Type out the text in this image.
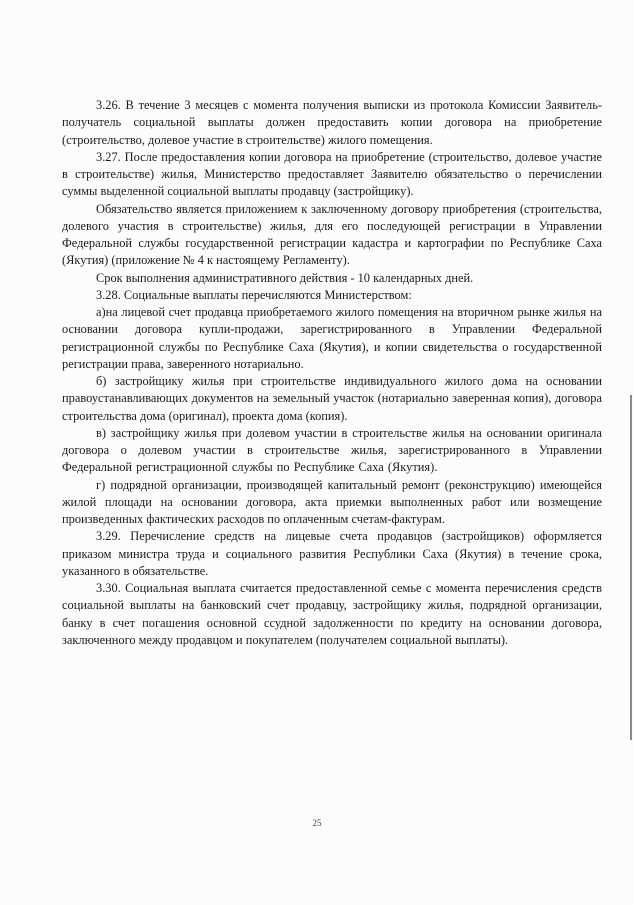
3.26. В течение 3 месяцев с момента получения выписки из протокола Комиссии Заявитель-получатель социальной выплаты должен предоставить копии договора на приобретение (строительство, долевое участие в строительстве) жилого помещения.

3.27. После предоставления копии договора на приобретение (строительство, долевое участие в строительстве) жилья, Министерство предоставляет Заявителю обязательство о перечислении суммы выделенной социальной выплаты продавцу (застройщику).

Обязательство является приложением к заключенному договору приобретения (строительства, долевого участия в строительстве) жилья, для его последующей регистрации в Управлении Федеральной службы государственной регистрации кадастра и картографии по Республике Саха (Якутия) (приложение № 4 к настоящему Регламенту).

Срок выполнения административного действия - 10 календарных дней.

3.28. Социальные выплаты перечисляются Министерством:

а)на лицевой счет продавца приобретаемого жилого помещения на вторичном рынке жилья на основании договора купли-продажи, зарегистрированного в Управлении Федеральной регистрационной службы по Республике Саха (Якутия), и копии свидетельства о государственной регистрации права, заверенного нотариально.

б) застройщику жилья при строительстве индивидуального жилого дома на основании правоустанавливающих документов на земельный участок (нотариально заверенная копия), договора строительства дома (оригинал), проекта дома (копия).

в) застройщику жилья при долевом участии в строительстве жилья на основании оригинала договора о долевом участии в строительстве жилья, зарегистрированного в Управлении Федеральной регистрационной службы по Республике Саха (Якутия).

г) подрядной организации, производящей капитальный ремонт (реконструкцию) имеющейся жилой площади на основании договора, акта приемки выполненных работ или возмещение произведенных фактических расходов по оплаченным счетам-фактурам.

3.29. Перечисление средств на лицевые счета продавцов (застройщиков) оформляется приказом министра труда и социального развития Республики Саха (Якутия) в течение срока, указанного в обязательстве.

3.30. Социальная выплата считается предоставленной семье с момента перечисления средств социальной выплаты на банковский счет продавцу, застройщику жилья, подрядной организации, банку в счет погашения основной ссудной задолженности по кредиту на основании договора, заключенного между продавцом и покупателем (получателем социальной выплаты).

25
